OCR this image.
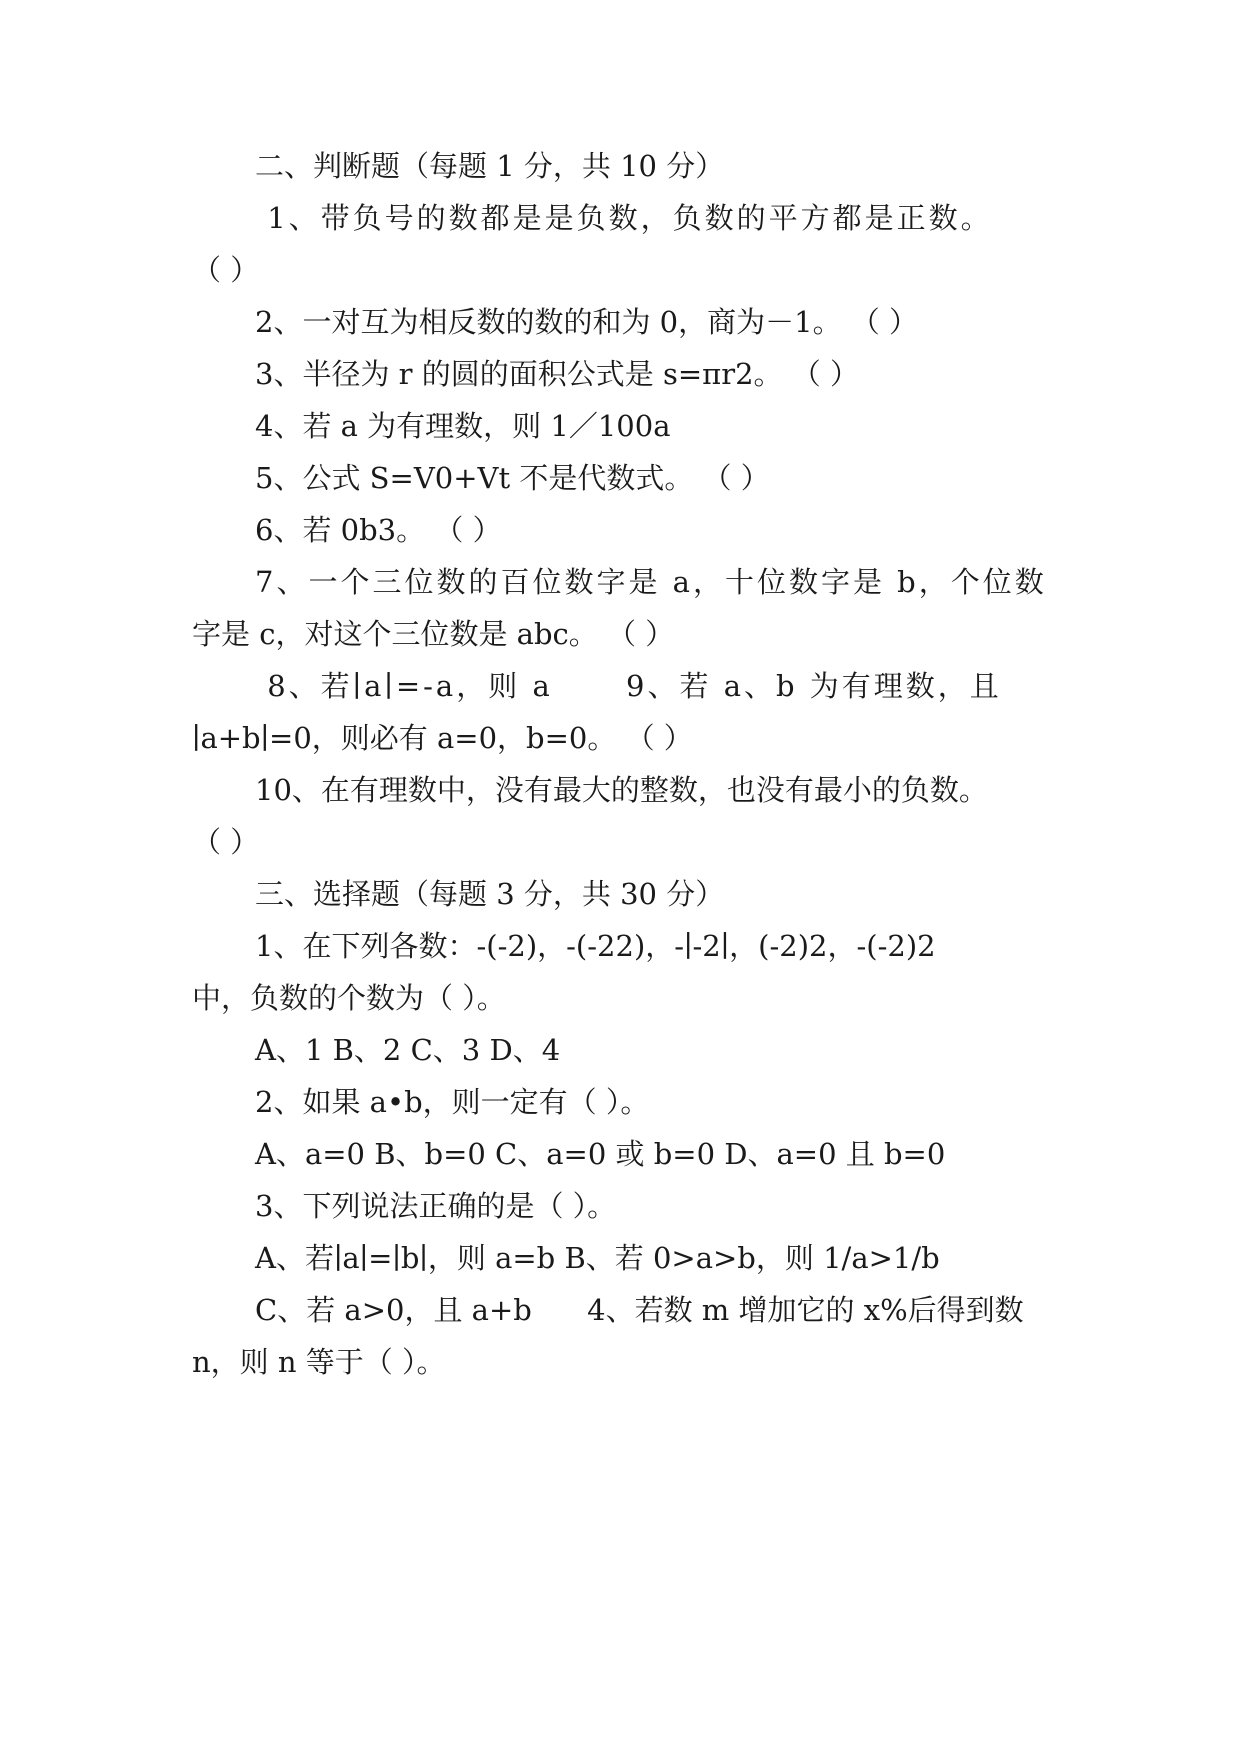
二、判断题（每题 1 分，共 10 分）
1、带负号的数都是是负数，负数的平方都是正数。
（ ）
2、一对互为相反数的数的和为 0，商为－1。 （ ）
3、半径为 r 的圆的面积公式是 s=πr2。 （ ）
4、若 a 为有理数，则 1／100a
5、公式 S=V0+Vt 不是代数式。 （ ）
6、若 0b3。 （ ）
7、一个三位数的百位数字是 a，十位数字是 b，个位数
字是 c，对这个三位数是 abc。 （ ）
8、若∣a∣=-a，则 a      9、若 a、b 为有理数，且
∣a+b∣=0，则必有 a=0，b=0。 （ ）
10、在有理数中，没有最大的整数，也没有最小的负数。
（ ）
三、选择题（每题 3 分，共 30 分）
1、在下列各数：-(-2)，-(-22)，-∣-2∣，(-2)2，-(-2)2
中，负数的个数为（ ）。
A、1 B、2 C、3 D、4
2、如果 a•b，则一定有（ ）。
A、a=0 B、b=0 C、a=0 或 b=0 D、a=0 且 b=0
3、下列说法正确的是（ ）。
A、若∣a∣=∣b∣，则 a=b B、若 0>a>b，则 1/a>1/b
C、若 a>0，且 a+b      4、若数 m 增加它的 x%后得到数
n，则 n 等于（ ）。
